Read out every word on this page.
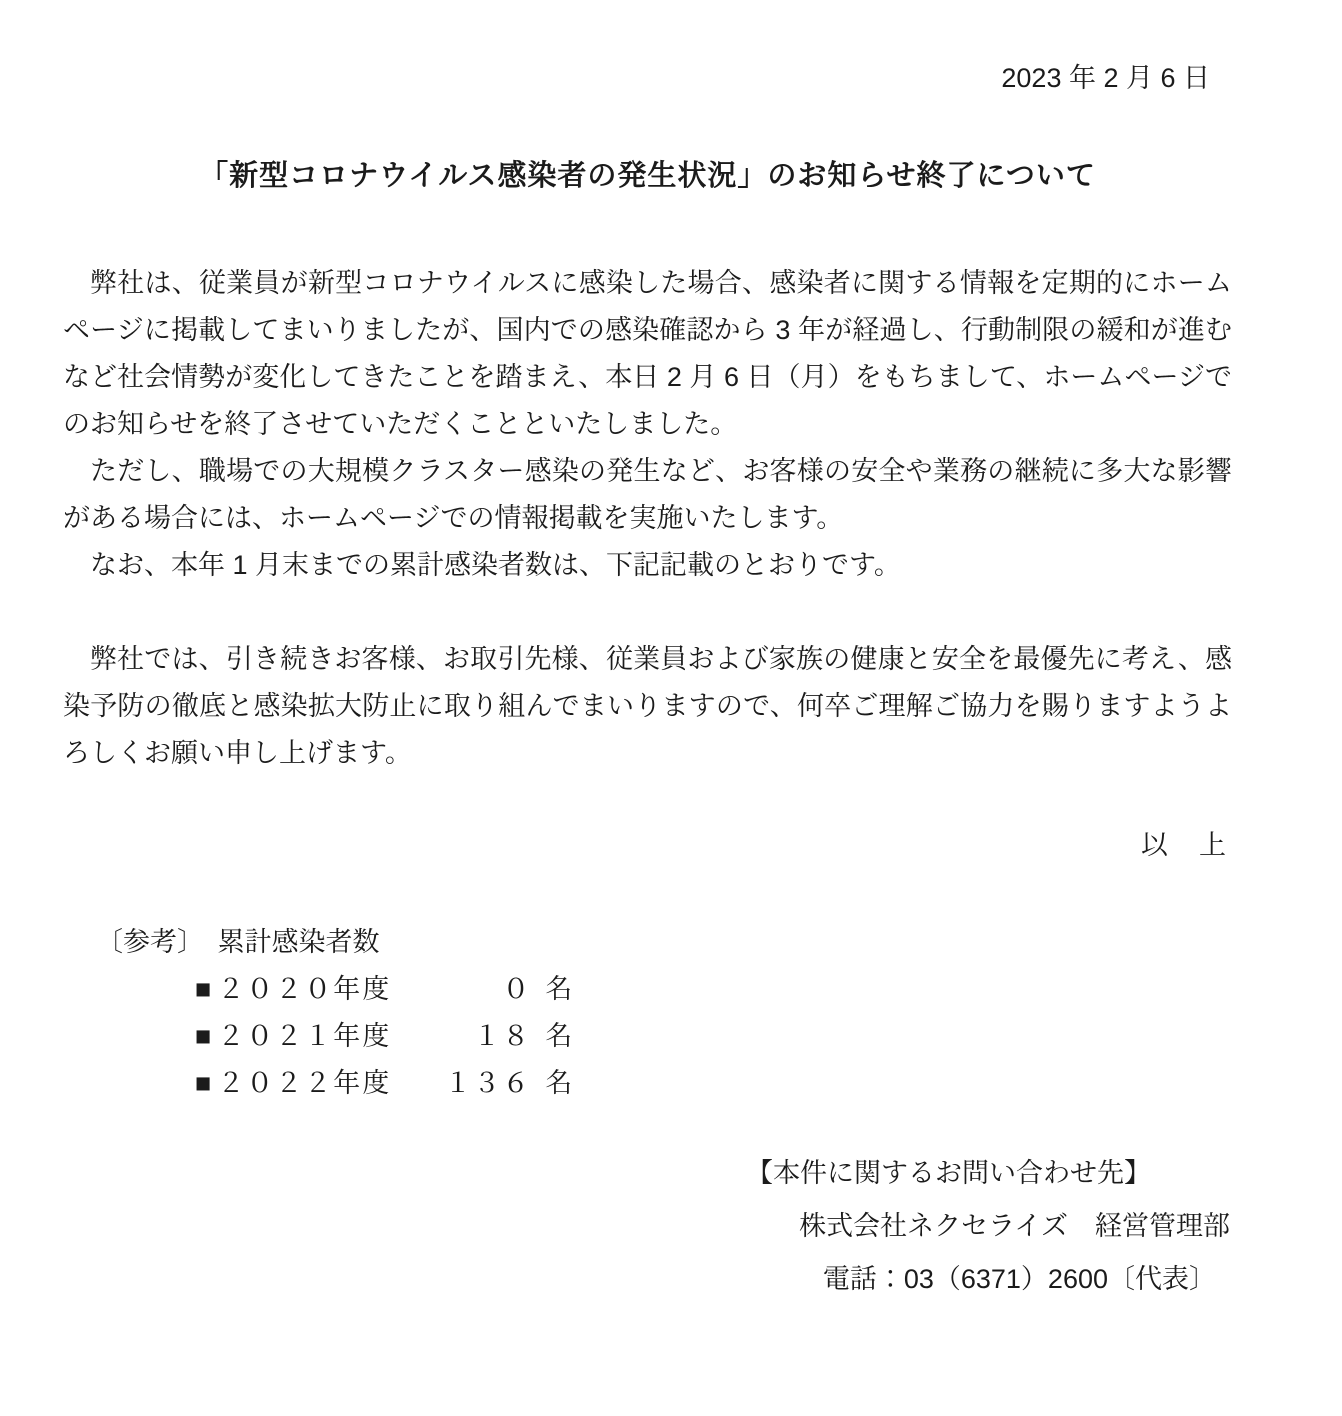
2023 年 2 月 6 日
「新型コロナウイルス感染者の発生状況」のお知らせ終了について

弊社は、従業員が新型コロナウイルスに感染した場合、感染者に関する情報を定期的にホームページに掲載してまいりましたが、国内での感染確認から 3 年が経過し、行動制限の緩和が進むなど社会情勢が変化してきたことを踏まえ、本日 2 月 6 日（月）をもちまして、ホームページでのお知らせを終了させていただくことといたしました。

ただし、職場での大規模クラスター感染の発生など、お客様の安全や業務の継続に多大な影響がある場合には、ホームページでの情報掲載を実施いたします。

なお、本年 1 月末までの累計感染者数は、下記記載のとおりです。

弊社では、引き続きお客様、お取引先様、従業員および家族の健康と安全を最優先に考え、感染予防の徹底と感染拡大防止に取り組んでまいりますので、何卒ご理解ご協力を賜りますようよろしくお願い申し上げます。

以　上
〔参考〕　累計感染者数
■ ２０２０年度	０ 名
■ ２０２１年度	１８ 名
■ ２０２２年度	１３６ 名
【本件に関するお問い合わせ先】
株式会社ネクセライズ　経営管理部
電話：03（6371）2600〔代表〕
